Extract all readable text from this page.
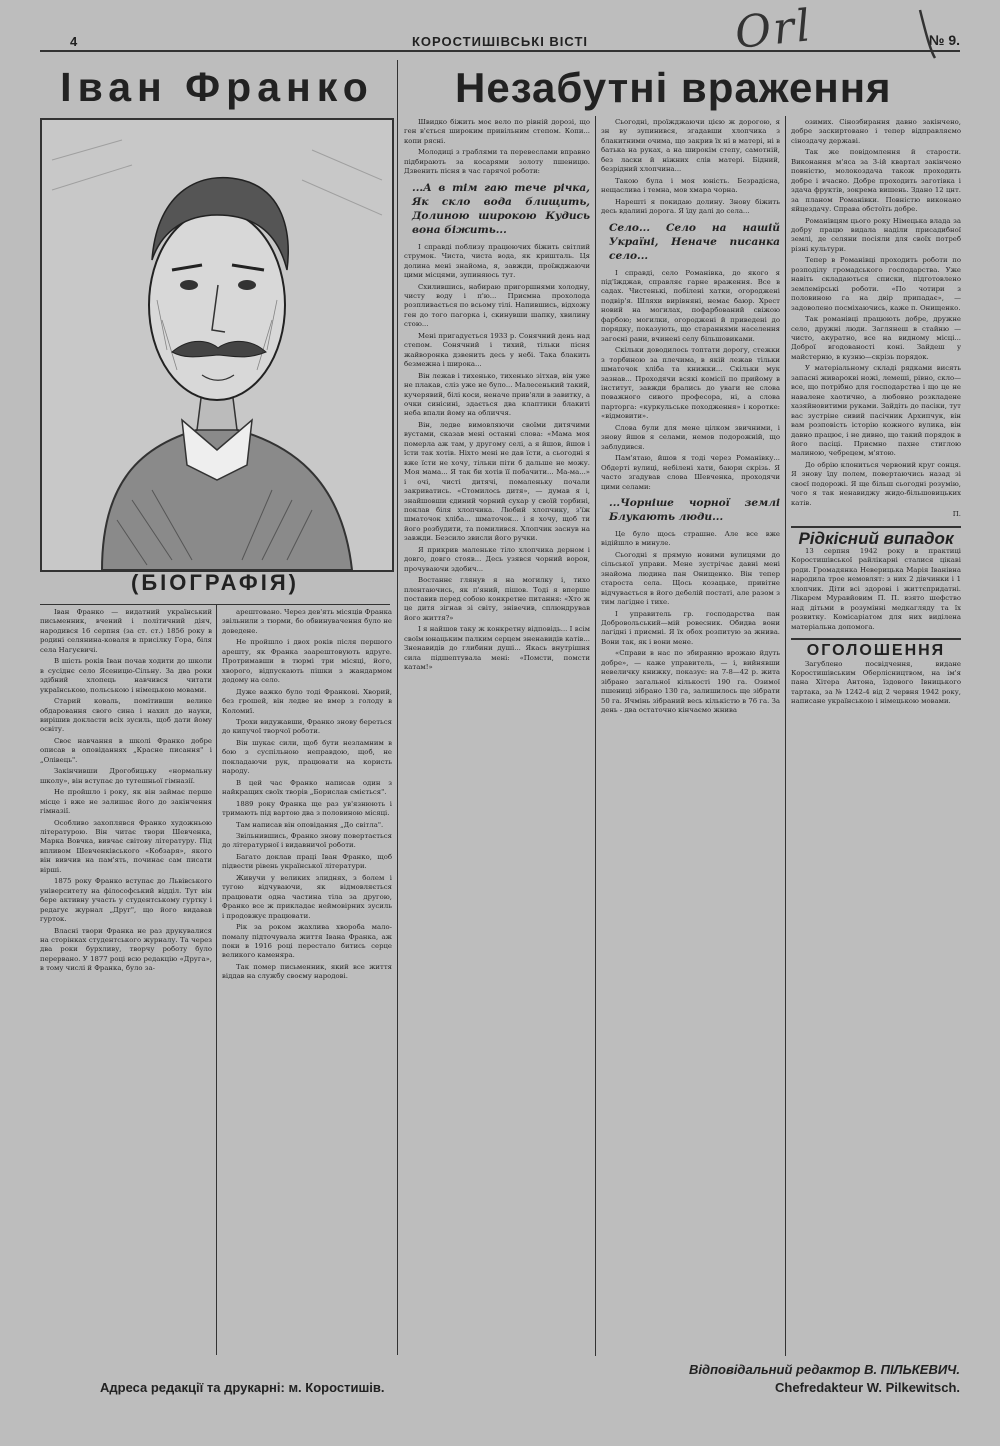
4	КОРОСТИШІВСЬКІ ВІСТІ	№ 9.
Orl
Іван Франко
(БІОГРАФІЯ)

Іван Франко — видатний український письменник, вчений і політичний діяч, народився 16 серпня (за ст. ст.) 1856 року в родині селянина-коваля в присілку Гора, біля села Нагуєвичі.

В шість років Іван почав ходити до школи в сусіднє село Ясеницю-Сільну. За два роки здібний хлопець навчився читати українською, польською і німецькою мовами.

Старий коваль, помітивши велике обдаровання свого сина і нахил до науки, вирішив докласти всіх зусиль, щоб дати йому освіту.

Своє навчання в школі Франко добре описав в оповіданнях „Красне писання" і „Олівець".

Закінчивши Дрогобицьку «нормальну школу», він вступає до тутешньої гімназії.

Не пройшло і року, як він займає перше місце і вже не залишає його до закінчення гімназії.

Особливо захоплявся Франко художньою літературою. Він читає твори Шевченка, Марка Вовчка, вивчає світову літературу. Під впливом Шевченківського «Кобзаря», якого він вивчив на пам'ять, починає сам писати вірші.

1875 року Франко вступає до Львівського університету на філософський відділ. Тут він бере активну участь у студентському гуртку і редагує журнал „Друг", що його видавав гурток.

Власні твори Франка не раз друкувалися на сторінках студентського журналу. Та через два роки бурхливу, творчу роботу було перервано. У 1877 році всю редакцію «Друга», в тому числі й Франка, було за-

арештовано. Через дев'ять місяців Франка звільнили з тюрми, бо обвинувачення було не доведене.

Не пройшло і двох років після першого арешту, як Франка заарештовують вдруге. Протримавши в тюрмі три місяці, його, хворого, відпускають пішки з жандармом додому на село.

Дуже важко було тоді Франкові. Хворий, без грошей, він ледве не вмер з голоду в Коломиї.

Трохи видужавши, Франко знову береться до кипучої творчої роботи.

Він шукає сили, щоб бути незламним в бою з суспільною неправдою, щоб, не покладаючи рук, працювати на користь народу.

В цей час Франко написав один з найкращих своїх творів „Борислав сміється".

1889 року Франка ще раз ув'язнюють і тримають під вартою два з половиною місяці.

Там написав він оповідання „До світла".

Звільнившись, Франко знову повертається до літературної і видавничої роботи.

Багато доклав праці Іван Франко, щоб підвести рівень української літератури.

Живучи у великих злиднях, з болем і тугою відчуваючи, як відмовляється працювати одна частина тіла за другою, Франко все ж прикладає неймовірних зусиль і продовжує працювати.

Рік за роком жахлива хвороба мало-помалу підточувала життя Івана Франка, аж поки в 1916 році перестало битись серце великого каменяра.

Так помер письменник, який все життя віддав на службу своєму народові.

Незабутні враження

Швидко біжить моє вело по рівній дорозі, що ген в'ється широким привільним степом. Копи... копи рясні.

Молодиці з граблями та перевеслами вправно підбирають за косарями золоту пшеницю. Дзвенить пісня в час гарячої роботи:

...А в тім гаю тече річка, Як скло вода блищить, Долиною широкою Кудись вона біжить...

І справді поблизу працюючих біжить світлий струмок. Чиста, чиста вода, як кришталь. Ця долина мені знайома, я, завжди, проїжджаючи цими місцями, зупиняюсь тут.

Схилившись, набираю пригоршнями холодну, чисту воду і п'ю... Приємна прохолода розпливається по всьому тілі. Напившись, відхожу ген до того пагорка і, скинувши шапку, хвилину стою...

Мені пригадується 1933 р. Сонячний день над степом. Сонячний і тихий, тільки пісня жайворонка дзвенить десь у небі. Така блакить безмежна і широка...

Він лежав і тихенько, тихенько зітхав, він уже не плакав, сліз уже не було... Малесенький такий, кучерявий, білі коси, неначе прив'яли в завитку, а очки синісині, здається два клаптики блакиті неба впали йому на обличчя.

Він, ледве вимовляючи своїми дитячими вустами, сказав мені останні слова: «Мама моя померла аж там, у другому селі, а я йшов, йшов і їсти так хотів. Ніхто мені не дав їсти, а сьогодні я вже їсти не хочу, тільки піти б дальше не можу. Моя мама... Я так би хотів її побачити... Ма-ма...» і очі, чисті дитячі, помаленьку почали закриватись. «Стомилось дитя», — думав я і, знайшовши єдиний чорний сухар у своїй торбині, поклав біля хлопчика. Любий хлопчику, з'їж шматочок хліба... шматочок... і я хочу, щоб ти його розбудити, та помилився. Хлопчик заснув на завжди. Безсило звисли його ручки.

Я прикрив маленьке тіло хлопчика дерном і довго, довго стояв... Десь узявся чорний ворон, прочуваючи здобич...

Востаннє глянув я на могилку і, тихо плентаючись, як п'яний, пішов. Тоді я вперше поставив перед собою конкретне питання: «Хто ж це дитя зігнав зі світу, знівечив, сплюндрував його життя?»

І я найшов таку ж конкретну відповідь... І всім своїм юнацьким палким серцем зненавидів катів... Зненавидів до глибини душі... Якась внутрішня сила підшептувала мені: «Помсти, помсти катам!»

Сьогодні, проїжджаючи цією ж дорогою, я зн ву зупинився, згадавши хлопчика з блакитними очима, що закрив їх ні в матері, ні в батька на руках, а на широкім степу, самотній, без ласки й ніжних слів матері. Бідний, безрідний хлопчина...

Такою була і моя юність. Безрадісна, нещаслива і темна, мов хмара чорна.

Нарешті я покидаю долину. Знову біжить десь вдалині дорога. Я їду далі до села...

Село... Село на нашій Україні, Неначе писанка село...

І справді, село Романівка, до якого я під'їжджав, справляє гарне враження. Все в садах. Чистенькі, побілені хатки, огороджені подвір'я. Шляхи вирівняні, немає баюр. Хрест новий на могилах, пофарбований свіжою фарбою; могилки, огороджені й приведені до порядку, показують, що стараннями населення загоєні рани, вчинені селу більшовиками.

Скільки доводилось топтати дорогу, стежки з торбиною за плечима, в якій лежав тільки шматочок хліба та книжки... Скільки мук зазнав... Проходячи всякі комісії по прийому в інститут, завжди брались до уваги не слова поважного сивого професора, ні, а слова парторга: «куркульське походження» і коротке: «відмовити».

Слова були для мене цілком звичними, і знову йшов я селами, немов подорожній, що заблудився.

Пам'ятаю, йшов я тоді через Романівку... Обдерті вулиці, небілені хати, баюри скрізь. Я часто згадував слова Шевченка, проходячи цими селами:

...Чорніше чорної землі Блукають люди...

Це було щось страшне. Але все вже відійшло в минуле.

Сьогодні я прямую новими вулицями до сільської управи. Мене зустрічає давні мені знайома людина пан Онищенко. Він тепер староста села. Щось козацьке, привітне відчувається в його дебелій постаті, але разом з тим лагідне і тихе.

І управитель гр. господарства пан Добровольський—мій ровесник. Обидва вони лагідні і приємні. Я їх обох розпитую за жнива. Вони так, як і вони мене.

«Справи в нас по збиранню врожаю йдуть добре», — каже управитель, — і, вийнявши невеличку книжку, показує: на 7-8—42 р. жита зібрано загальної кількості 190 га. Озимої пшениці зібрано 130 га, залишилось ще зібрати 50 га. Ячмінь зібраний весь кількістю в 76 га. За день - два остаточно кінчаємо жнива

озимих. Сінозбирання давно закінчено, добре заскиртовано і тепер відправляємо сіноздачу державі.

Так же повідомлення й старости. Виконання м'яса за 3-ій квартал закінчено повністю, молокоздача також проходить добре і вчасно. Добре проходить заготівка і здача фруктів, зокрема вишень. Здано 12 цнт. за планом Романівки. Повністю виконано яйцездачу. Справа обстоїть добре.

Романівцям цього року Німецька влада за добру працю видала наділи присадибної землі, де селяни посіяли для своїх потреб різні культури.

Тепер в Романівці проходить роботи по розподілу громадського господарства. Уже навіть складаються списки, підготовлено землемірські роботи. «По чотири з половиною га на двір припадає», — задоволено посміхаючись, каже п. Онищенко.

Так романівці працюють добре, дружне село, дружні люди. Заглянеш в стайню — чисто, акуратно, все на видному місці... Доброї вгодованості коні. Зайдеш у майстерню, в кузню—скрізь порядок.

У матеріальному складі рядками висять запасні живарокві ножі, лемеші, рівно, скло—все, що потрібно для господарства і що це не навалене хаотично, а любовно розкладене хазяйновитими руками. Зайдіть до пасіки, тут вас зустріне сивий пасічник Архипчук, він вам розповість історію кожного вулика, він давно працює, і не дивно, що такий порядок в його пасіці. Приємно пахне стиглою малиною, чебрецем, м'ятою.

До обрію клониться червоний круг сонця. Я знову їду полем, повертаючись назад зі своєї подорожі. Я ще більш сьогодні розумію, чого я так ненавиджу жидо-більшовицьких катів.

П.

Рідкісний випадок

13 серпня 1942 року в практиці Коростишівської райлікарні сталися цікаві роди. Громадянка Неверицька Марія Іванівна народила трое немовлят: з них 2 дівчинки і 1 хлопчик. Діти всі здорові і життєпридатні. Лікарем Муравйовим П. П. взято шефство над дітьми в розумінні медкагляду та їх розвитку. Комісаріатом для них виділена матеріальна допомога.

ОГОЛОШЕННЯ

Загублено посвідчення, видане Коростишівським Оберлісництвом, на ім'я пана Хітера Антона, їздового Івницького тартака, за № 1242-4 від 2 червня 1942 року, написане українською і німецькою мовами.

Адреса редакції та друкарні: м. Коростишів.
Відповідальний редактор В. ПІЛЬКЕВИЧ.
Chefredakteur W. Pilkewitsch.
